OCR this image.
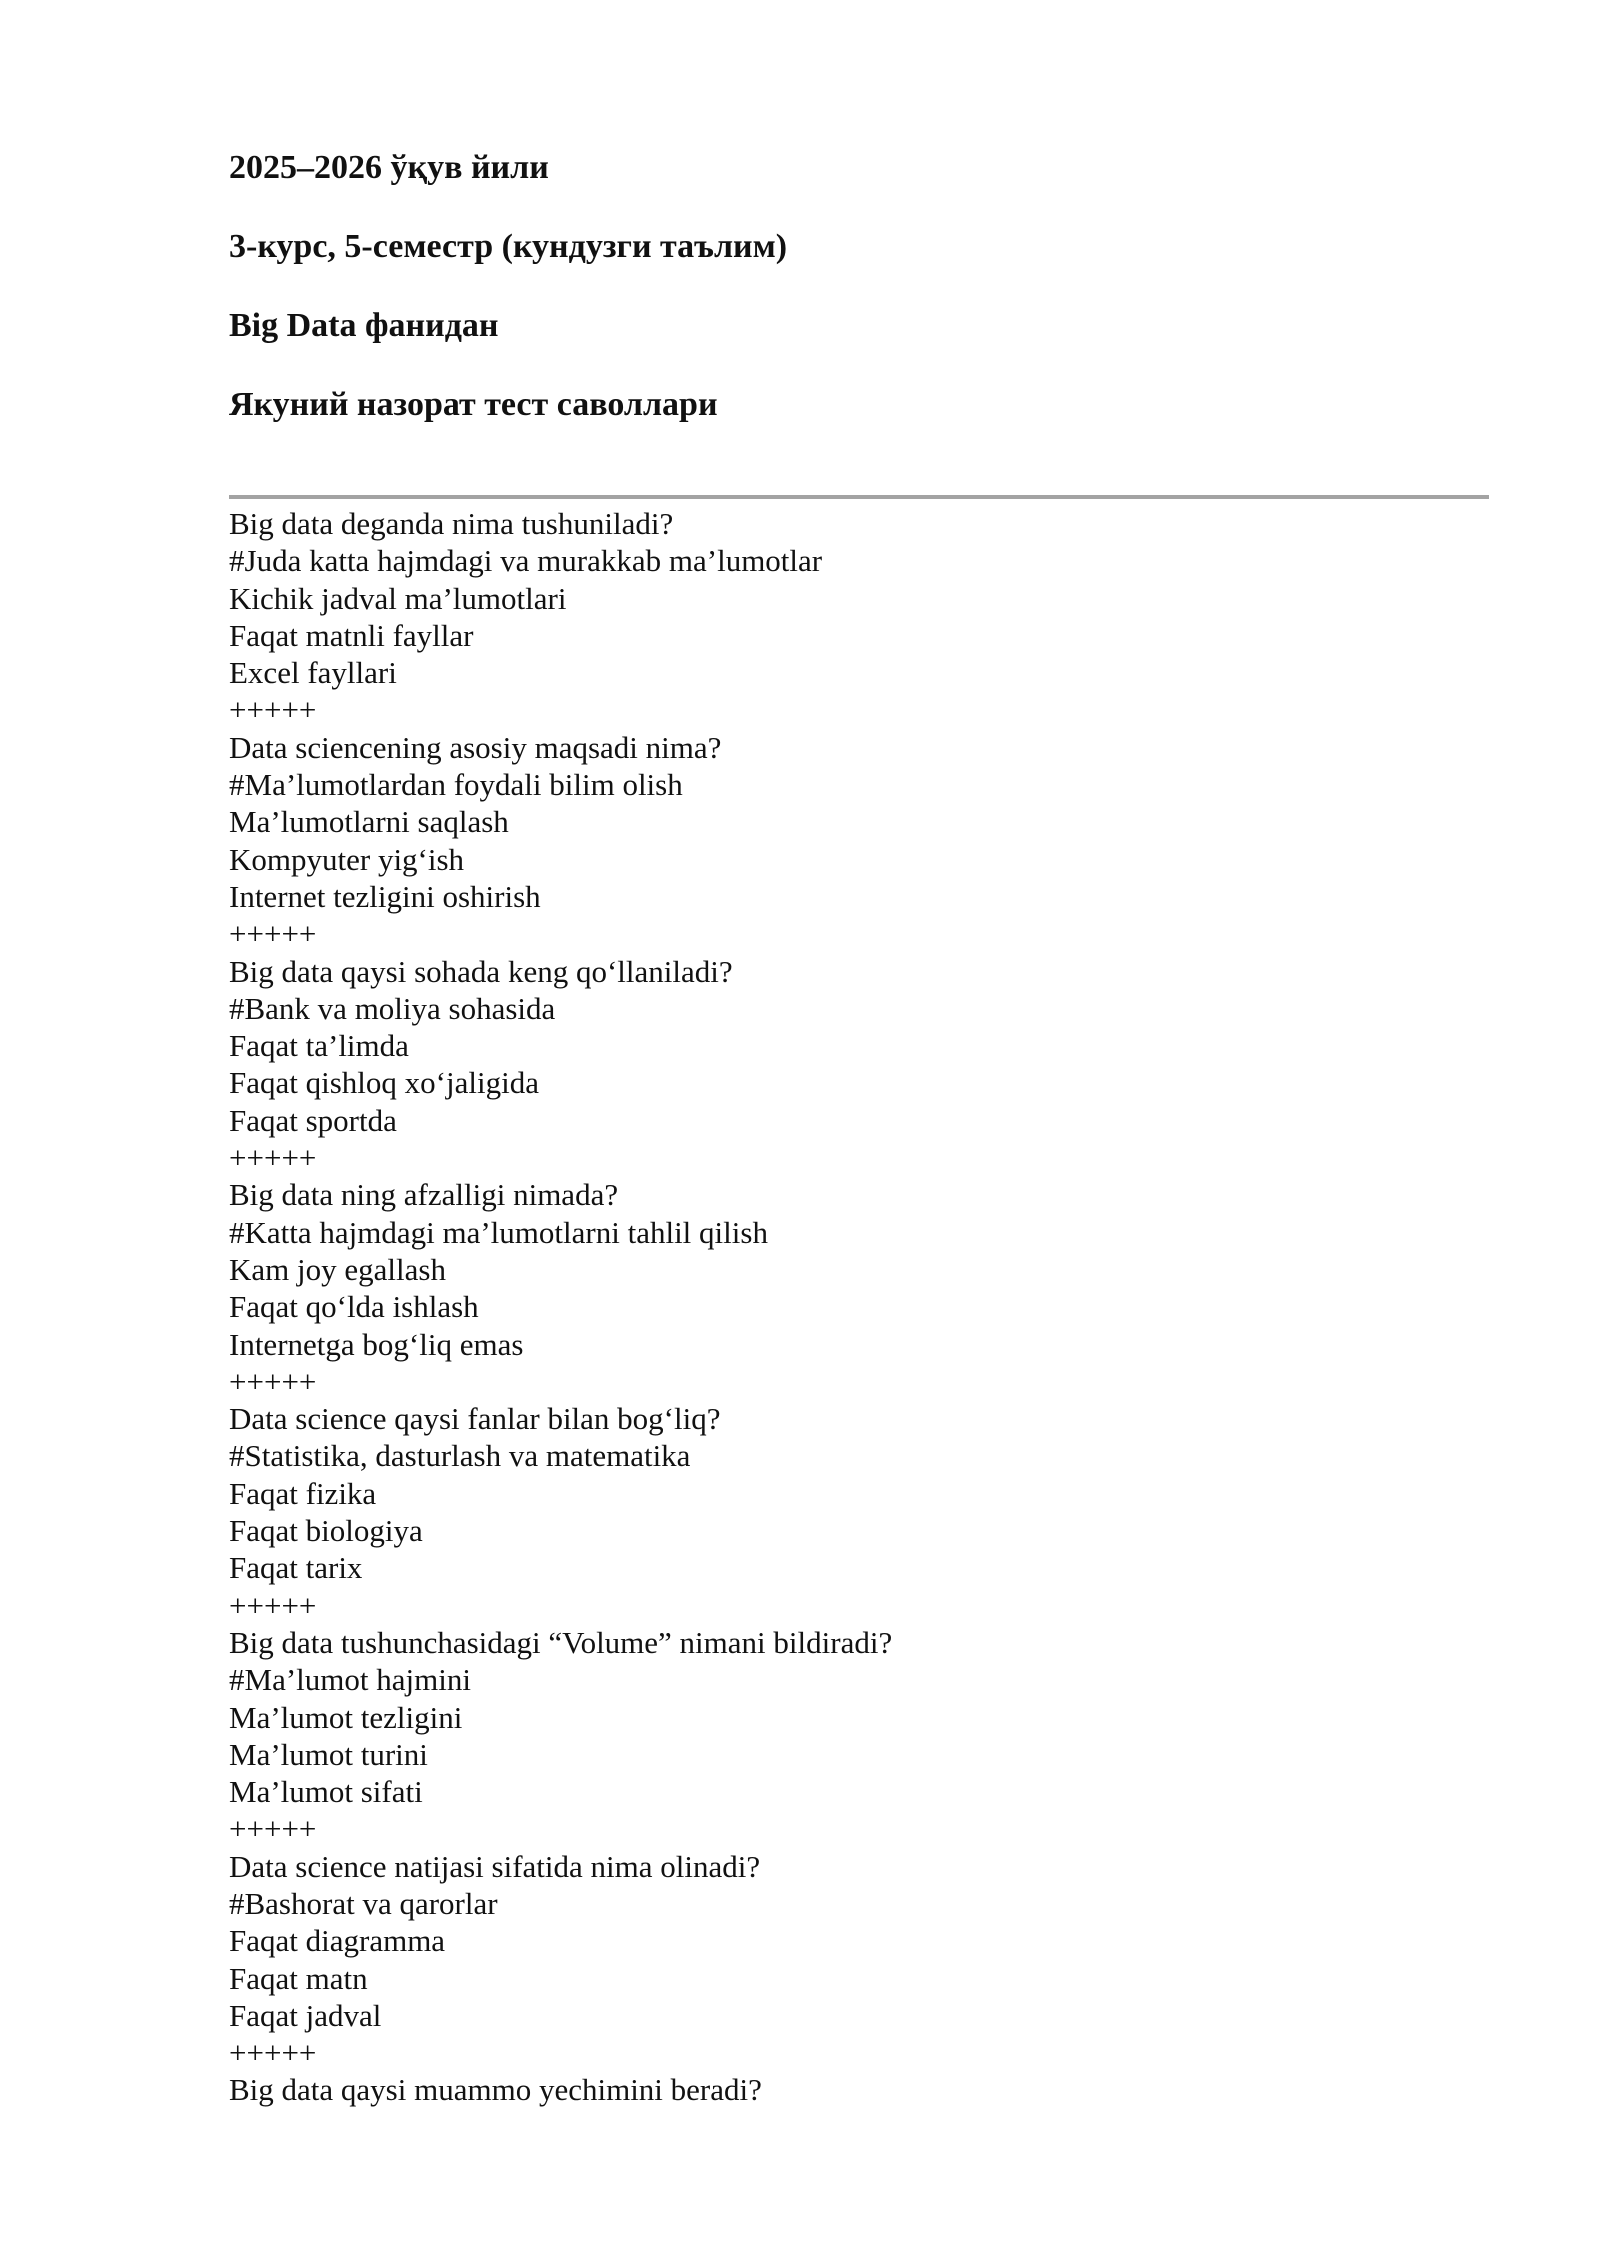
2025–2026 ўқув йили
3-курс, 5-семестр (кундузги таълим)
Big Data фанидан
Якуний назорат тест саволлари
Big data deganda nima tushuniladi?
#Juda katta hajmdagi va murakkab ma’lumotlar
Kichik jadval ma’lumotlari
Faqat matnli fayllar
Excel fayllari
+++++
Data sciencening asosiy maqsadi nima?
#Ma’lumotlardan foydali bilim olish
Ma’lumotlarni saqlash
Kompyuter yig‘ish
Internet tezligini oshirish
+++++
Big data qaysi sohada keng qo‘llaniladi?
#Bank va moliya sohasida
Faqat ta’limda
Faqat qishloq xo‘jaligida
Faqat sportda
+++++
Big data ning afzalligi nimada?
#Katta hajmdagi ma’lumotlarni tahlil qilish
Kam joy egallash
Faqat qo‘lda ishlash
Internetga bog‘liq emas
+++++
Data science qaysi fanlar bilan bog‘liq?
#Statistika, dasturlash va matematika
Faqat fizika
Faqat biologiya
Faqat tarix
+++++
Big data tushunchasidagi “Volume” nimani bildiradi?
#Ma’lumot hajmini
Ma’lumot tezligini
Ma’lumot turini
Ma’lumot sifati
+++++
Data science natijasi sifatida nima olinadi?
#Bashorat va qarorlar
Faqat diagramma
Faqat matn
Faqat jadval
+++++
Big data qaysi muammo yechimini beradi?
